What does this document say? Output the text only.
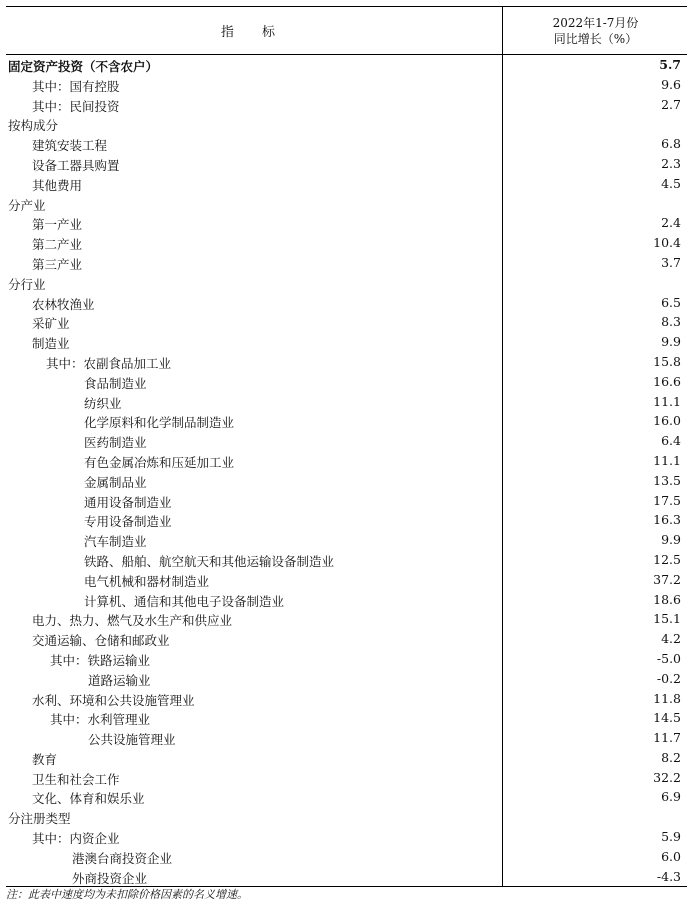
指 标
2022年1-7月份
同比增长（%）
固定资产投资（不含农户）	5.7
其中：国有控股	9.6
其中：民间投资	2.7
按构成分
建筑安装工程	6.8
设备工器具购置	2.3
其他费用	4.5
分产业
第一产业	2.4
第二产业	10.4
第三产业	3.7
分行业
农林牧渔业	6.5
采矿业	8.3
制造业	9.9
其中：农副食品加工业	15.8
食品制造业	16.6
纺织业	11.1
化学原料和化学制品制造业	16.0
医药制造业	6.4
有色金属冶炼和压延加工业	11.1
金属制品业	13.5
通用设备制造业	17.5
专用设备制造业	16.3
汽车制造业	9.9
铁路、船舶、航空航天和其他运输设备制造业	12.5
电气机械和器材制造业	37.2
计算机、通信和其他电子设备制造业	18.6
电力、热力、燃气及水生产和供应业	15.1
交通运输、仓储和邮政业	4.2
其中：铁路运输业	-5.0
道路运输业	-0.2
水利、环境和公共设施管理业	11.8
其中：水利管理业	14.5
公共设施管理业	11.7
教育	8.2
卫生和社会工作	32.2
文化、体育和娱乐业	6.9
分注册类型
其中：内资企业	5.9
港澳台商投资企业	6.0
外商投资企业	-4.3
注：此表中速度均为未扣除价格因素的名义增速。
